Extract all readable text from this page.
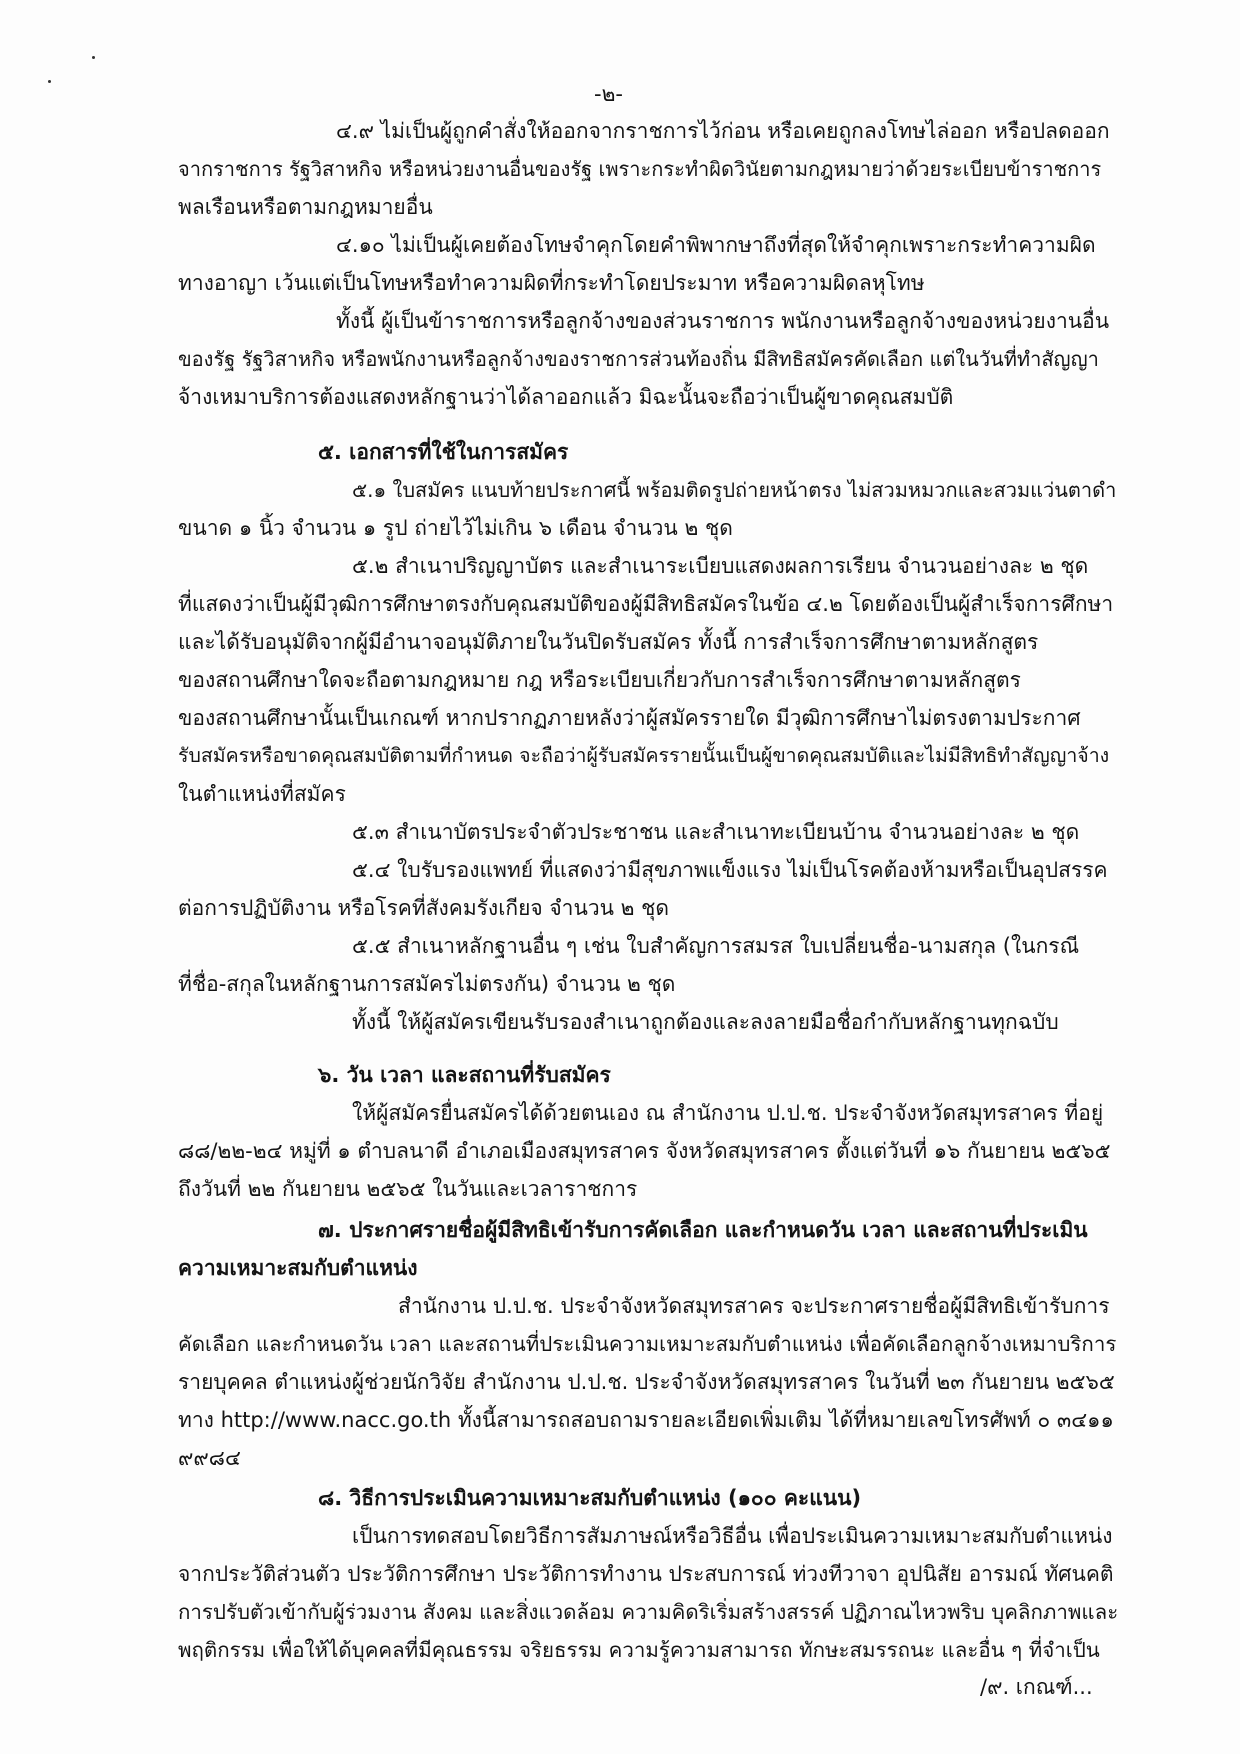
-๒-

๔.๙ ไม่เป็นผู้ถูกคำสั่งให้ออกจากราชการไว้ก่อน หรือเคยถูกลงโทษไล่ออก หรือปลดออก

จากราชการ รัฐวิสาหกิจ หรือหน่วยงานอื่นของรัฐ เพราะกระทำผิดวินัยตามกฎหมายว่าด้วยระเบียบข้าราชการ

พลเรือนหรือตามกฎหมายอื่น

๔.๑๐ ไม่เป็นผู้เคยต้องโทษจำคุกโดยคำพิพากษาถึงที่สุดให้จำคุกเพราะกระทำความผิด

ทางอาญา เว้นแต่เป็นโทษหรือทำความผิดที่กระทำโดยประมาท หรือความผิดลหุโทษ

ทั้งนี้ ผู้เป็นข้าราชการหรือลูกจ้างของส่วนราชการ พนักงานหรือลูกจ้างของหน่วยงานอื่น

ของรัฐ รัฐวิสาหกิจ หรือพนักงานหรือลูกจ้างของราชการส่วนท้องถิ่น มีสิทธิสมัครคัดเลือก แต่ในวันที่ทำสัญญา

จ้างเหมาบริการต้องแสดงหลักฐานว่าได้ลาออกแล้ว มิฉะนั้นจะถือว่าเป็นผู้ขาดคุณสมบัติ

๕. เอกสารที่ใช้ในการสมัคร

๕.๑ ใบสมัคร แนบท้ายประกาศนี้ พร้อมติดรูปถ่ายหน้าตรง ไม่สวมหมวกและสวมแว่นตาดำ

ขนาด ๑ นิ้ว จำนวน ๑ รูป ถ่ายไว้ไม่เกิน ๖ เดือน จำนวน ๒ ชุด

๕.๒ สำเนาปริญญาบัตร และสำเนาระเบียบแสดงผลการเรียน จำนวนอย่างละ ๒ ชุด

ที่แสดงว่าเป็นผู้มีวุฒิการศึกษาตรงกับคุณสมบัติของผู้มีสิทธิสมัครในข้อ ๔.๒ โดยต้องเป็นผู้สำเร็จการศึกษา

และได้รับอนุมัติจากผู้มีอำนาจอนุมัติภายในวันปิดรับสมัคร ทั้งนี้ การสำเร็จการศึกษาตามหลักสูตร

ของสถานศึกษาใดจะถือตามกฎหมาย กฎ หรือระเบียบเกี่ยวกับการสำเร็จการศึกษาตามหลักสูตร

ของสถานศึกษานั้นเป็นเกณฑ์ หากปรากฏภายหลังว่าผู้สมัครรายใด มีวุฒิการศึกษาไม่ตรงตามประกาศ

รับสมัครหรือขาดคุณสมบัติตามที่กำหนด จะถือว่าผู้รับสมัครรายนั้นเป็นผู้ขาดคุณสมบัติและไม่มีสิทธิทำสัญญาจ้าง

ในตำแหน่งที่สมัคร

๕.๓ สำเนาบัตรประจำตัวประชาชน และสำเนาทะเบียนบ้าน จำนวนอย่างละ ๒ ชุด

๕.๔ ใบรับรองแพทย์ ที่แสดงว่ามีสุขภาพแข็งแรง ไม่เป็นโรคต้องห้ามหรือเป็นอุปสรรค

ต่อการปฏิบัติงาน หรือโรคที่สังคมรังเกียจ จำนวน ๒ ชุด

๕.๕ สำเนาหลักฐานอื่น ๆ เช่น ใบสำคัญการสมรส ใบเปลี่ยนชื่อ-นามสกุล (ในกรณี

ที่ชื่อ-สกุลในหลักฐานการสมัครไม่ตรงกัน) จำนวน ๒ ชุด

ทั้งนี้ ให้ผู้สมัครเขียนรับรองสำเนาถูกต้องและลงลายมือชื่อกำกับหลักฐานทุกฉบับ

๖. วัน เวลา และสถานที่รับสมัคร

ให้ผู้สมัครยื่นสมัครได้ด้วยตนเอง ณ สำนักงาน ป.ป.ช. ประจำจังหวัดสมุทรสาคร ที่อยู่

๘๘/๒๒-๒๔ หมู่ที่ ๑ ตำบลนาดี อำเภอเมืองสมุทรสาคร จังหวัดสมุทรสาคร ตั้งแต่วันที่ ๑๖ กันยายน ๒๕๖๕

ถึงวันที่ ๒๒ กันยายน ๒๕๖๕ ในวันและเวลาราชการ

๗. ประกาศรายชื่อผู้มีสิทธิเข้ารับการคัดเลือก และกำหนดวัน เวลา และสถานที่ประเมิน

ความเหมาะสมกับตำแหน่ง

สำนักงาน ป.ป.ช. ประจำจังหวัดสมุทรสาคร จะประกาศรายชื่อผู้มีสิทธิเข้ารับการ

คัดเลือก และกำหนดวัน เวลา และสถานที่ประเมินความเหมาะสมกับตำแหน่ง เพื่อคัดเลือกลูกจ้างเหมาบริการ

รายบุคคล ตำแหน่งผู้ช่วยนักวิจัย สำนักงาน ป.ป.ช. ประจำจังหวัดสมุทรสาคร ในวันที่ ๒๓ กันยายน ๒๕๖๕

ทาง http://www.nacc.go.th ทั้งนี้สามารถสอบถามรายละเอียดเพิ่มเติม ได้ที่หมายเลขโทรศัพท์ ๐ ๓๔๑๑

๙๙๘๔

๘. วิธีการประเมินความเหมาะสมกับตำแหน่ง (๑๐๐ คะแนน)

เป็นการทดสอบโดยวิธีการสัมภาษณ์หรือวิธีอื่น เพื่อประเมินความเหมาะสมกับตำแหน่ง

จากประวัติส่วนตัว ประวัติการศึกษา ประวัติการทำงาน ประสบการณ์ ท่วงทีวาจา อุปนิสัย อารมณ์ ทัศนคติ

การปรับตัวเข้ากับผู้ร่วมงาน สังคม และสิ่งแวดล้อม ความคิดริเริ่มสร้างสรรค์ ปฏิภาณไหวพริบ บุคลิกภาพและ

พฤติกรรม เพื่อให้ได้บุคคลที่มีคุณธรรม จริยธรรม ความรู้ความสามารถ ทักษะสมรรถนะ และอื่น ๆ ที่จำเป็น

/๙. เกณฑ์...
